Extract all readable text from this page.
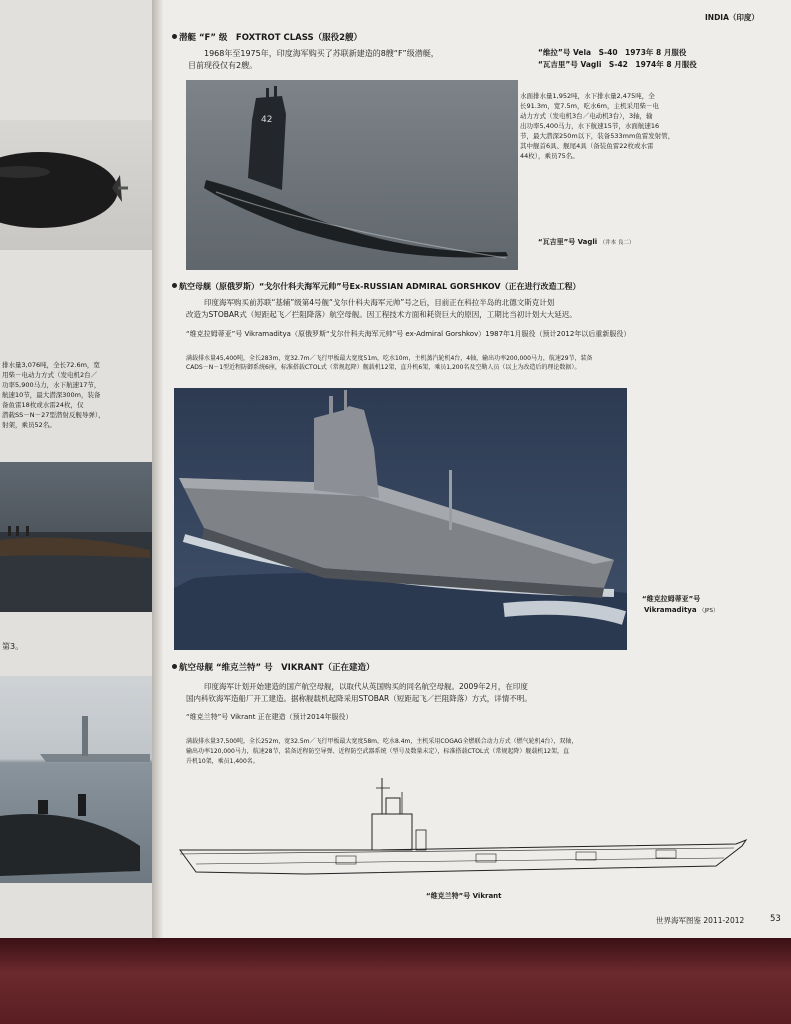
排水量3,076吨，全长72.6m，宽
用柴－电动力方式（发电机2台／
功率5,900马力，水下航速17节，
航速10节，最大潜深300m，装备
备鱼雷18枚或水雷24枚，仅
潜载SS－N－27型潜射反舰导弹），
射架，乘员52名。
第3。
INDIA（印度）
潜艇 “F” 级　FOXTROT CLASS（服役2艘）
1968年至1975年，印度海军购买了苏联新建造的8艘“F”级潜艇，
目前现役仅有2艘。
“维拉”号 Vela　S-40　1973年 8 月服役
“瓦吉里”号 Vagli　S-42　1974年 8 月服役
42
水面排水量1,952吨，水下排水量2,475吨，全
长91.3m，宽7.5m，吃水6m，主机采用柴－电
动力方式（发电机3台／电动机3台），3轴，输
出功率5,400马力，水下航速15节，水面航速16
节，最大潜深250m以下，装备533mm鱼雷发射管，
其中舰首6具、舰尾4具（备装鱼雷22枚或水雷
44枚），乘员75名。
“瓦吉里”号 Vagli （井本 良二）
航空母舰（原俄罗斯）“戈尔什科夫海军元帅”号Ex-RUSSIAN ADMIRAL GORSHKOV（正在进行改造工程）
印度海军购买前苏联“基辅”级第4号舰“戈尔什科夫海军元帅”号之后，目前正在科拉半岛的北德文斯克计划
改造为STOBAR式（短距起飞／拦阻降落）航空母舰。因工程技术方面和耗资巨大的原因，工期比当初计划大大延迟。
“维克拉姆蒂亚”号 Vikramaditya（原俄罗斯“戈尔什科夫海军元帅”号 ex-Admiral Gorshkov）1987年1月服役（预计2012年以后重新服役）
满载排水量45,400吨，全长283m，宽32.7m／飞行甲板最大宽度51m，吃水10m，主机蒸汽轮机4台，4轴，输出功率200,000马力，航速29节，装备
CADS－N－1型近程防御系统6座，标准搭载CTOL式（常规起降）舰载机12架，直升机6架，乘员1,200名及空勤人员（以上为改造后的理论数据）。
“维克拉姆蒂亚”号
Vikramaditya （JPS）
航空母舰 “维克兰特” 号　VIKRANT（正在建造）
印度海军计划开始建造的国产航空母舰，以取代从英国购买的同名航空母舰。2009年2月，在印度
国内科钦海军造船厂开工建造。据称舰载机起降采用STOBAR（短距起飞／拦阻降落）方式，详情不明。
“维克兰特”号 Vikrant 正在建造（预计2014年服役）
满载排水量37,500吨，全长252m，宽32.5m／飞行甲板最大宽度58m，吃水8.4m，主机采用COGAG全燃联合动力方式（燃气轮机4台），双轴，
输出功率120,000马力，航速28节，装备近程防空导弹、近程防空武器系统（型号及数量未定），标准搭载CTOL式（常规起降）舰载机12架，直
升机10架，乘员1,400名。
“维克兰特”号 Vikrant
世界海军图鉴 2011-2012	53
